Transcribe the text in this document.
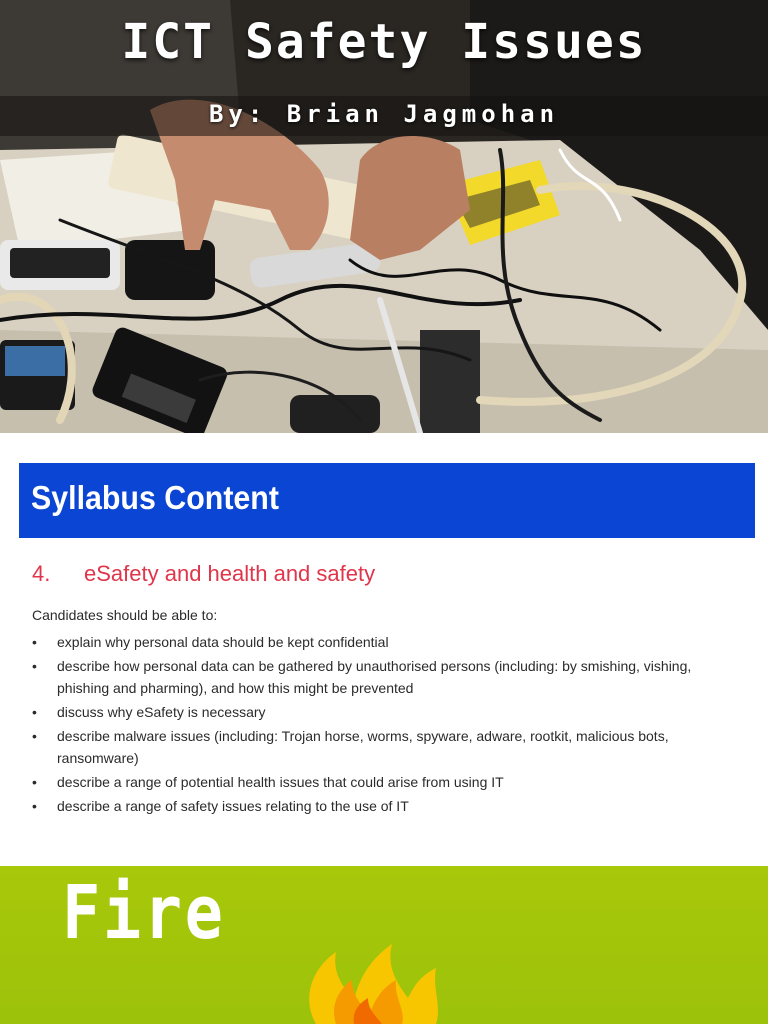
ICT Safety Issues
By: Brian Jagmohan
Syllabus Content
4. eSafety and health and safety
Candidates should be able to:
• explain why personal data should be kept confidential
• describe how personal data can be gathered by unauthorised persons (including: by smishing, vishing, phishing and pharming), and how this might be prevented
• discuss why eSafety is necessary
• describe malware issues (including: Trojan horse, worms, spyware, adware, rootkit, malicious bots, ransomware)
• describe a range of potential health issues that could arise from using IT
• describe a range of safety issues relating to the use of IT
Fire
